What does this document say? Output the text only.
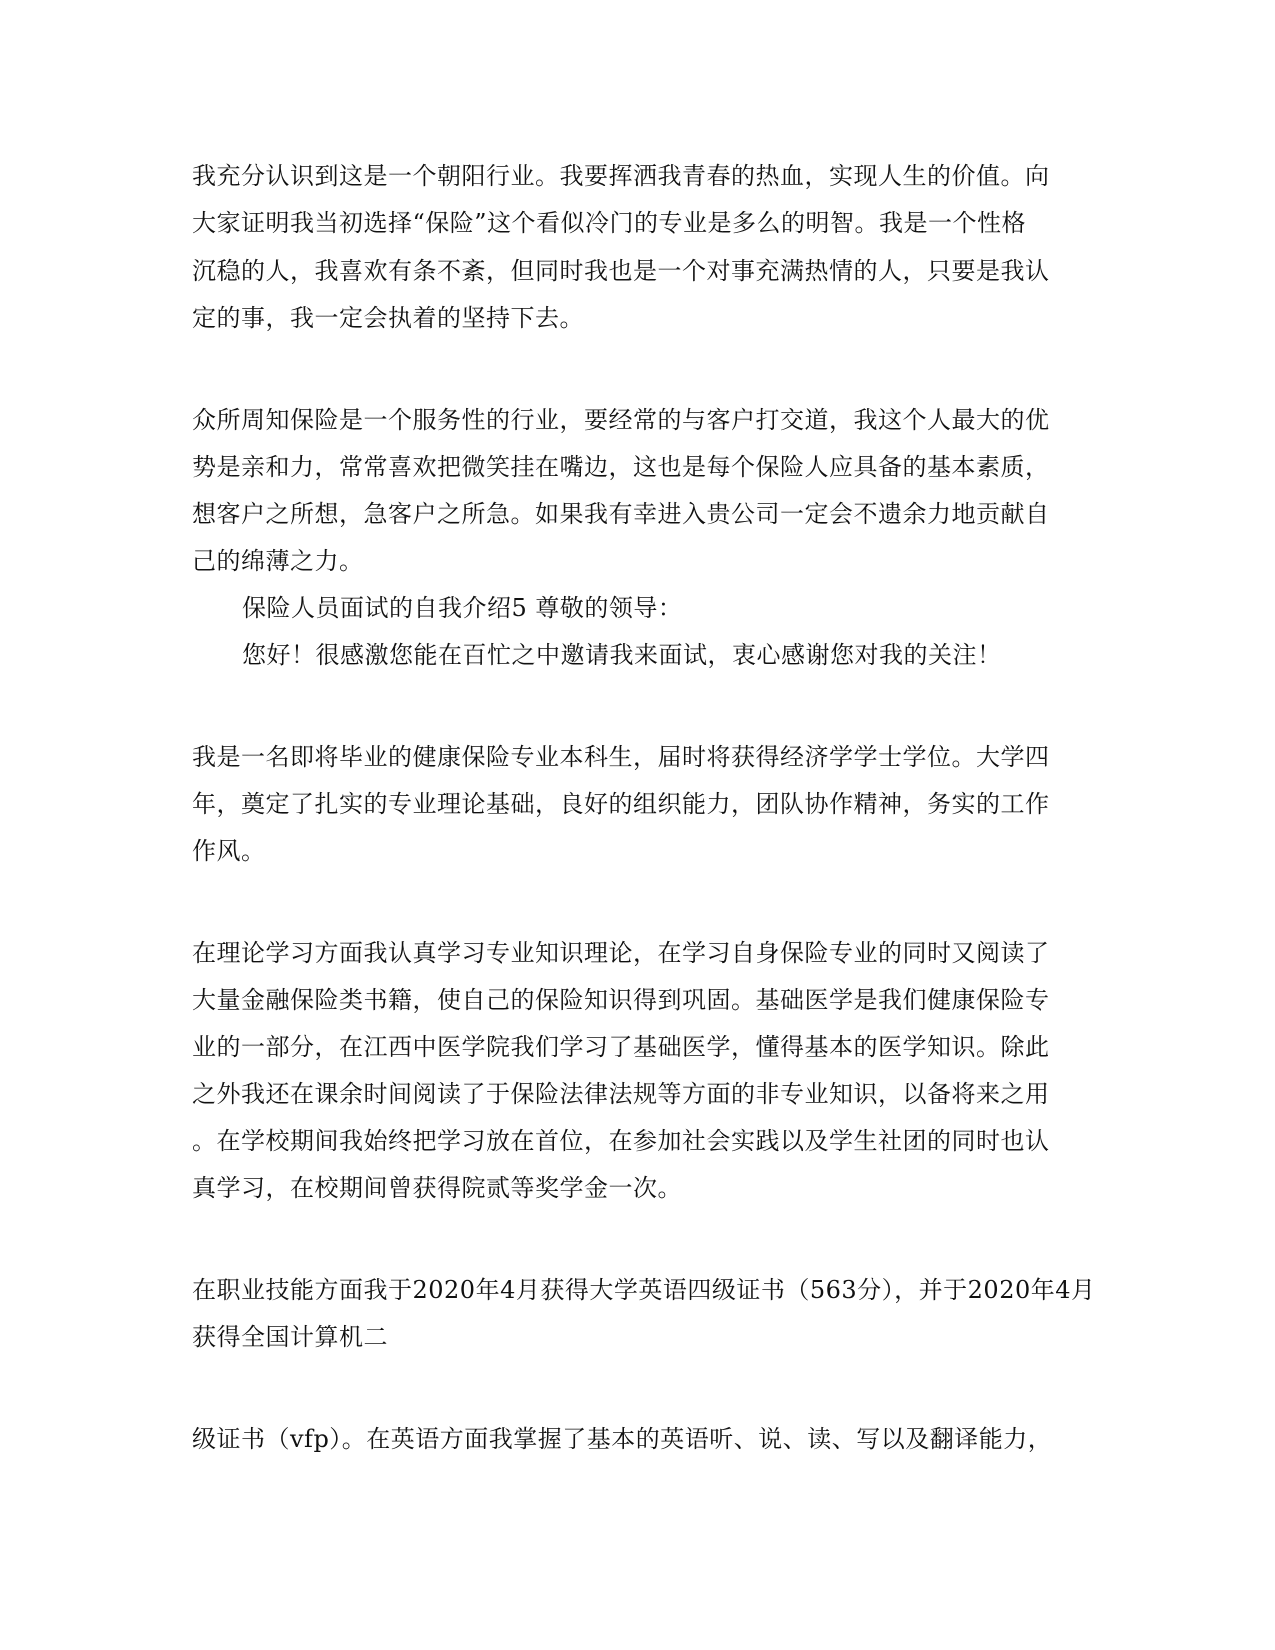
我充分认识到这是一个朝阳行业。我要挥洒我青春的热血，实现人生的价值。向
大家证明我当初选择“保险”这个看似冷门的专业是多么的明智。我是一个性格
沉稳的人，我喜欢有条不紊，但同时我也是一个对事充满热情的人，只要是我认
定的事，我一定会执着的坚持下去。
众所周知保险是一个服务性的行业，要经常的与客户打交道，我这个人最大的优
势是亲和力，常常喜欢把微笑挂在嘴边，这也是每个保险人应具备的基本素质，
想客户之所想，急客户之所急。如果我有幸进入贵公司一定会不遗余力地贡献自
己的绵薄之力。
保险人员面试的自我介绍5 尊敬的领导：
您好！很感激您能在百忙之中邀请我来面试，衷心感谢您对我的关注！
我是一名即将毕业的健康保险专业本科生，届时将获得经济学学士学位。大学四
年，奠定了扎实的专业理论基础，良好的组织能力，团队协作精神，务实的工作
作风。
在理论学习方面我认真学习专业知识理论，在学习自身保险专业的同时又阅读了
大量金融保险类书籍，使自己的保险知识得到巩固。基础医学是我们健康保险专
业的一部分，在江西中医学院我们学习了基础医学，懂得基本的医学知识。除此
之外我还在课余时间阅读了于保险法律法规等方面的非专业知识，以备将来之用
。在学校期间我始终把学习放在首位，在参加社会实践以及学生社团的同时也认
真学习，在校期间曾获得院贰等奖学金一次。
在职业技能方面我于2020年4月获得大学英语四级证书（563分），并于2020年4月
获得全国计算机二
级证书（vfp）。在英语方面我掌握了基本的英语听、说、读、写以及翻译能力，
